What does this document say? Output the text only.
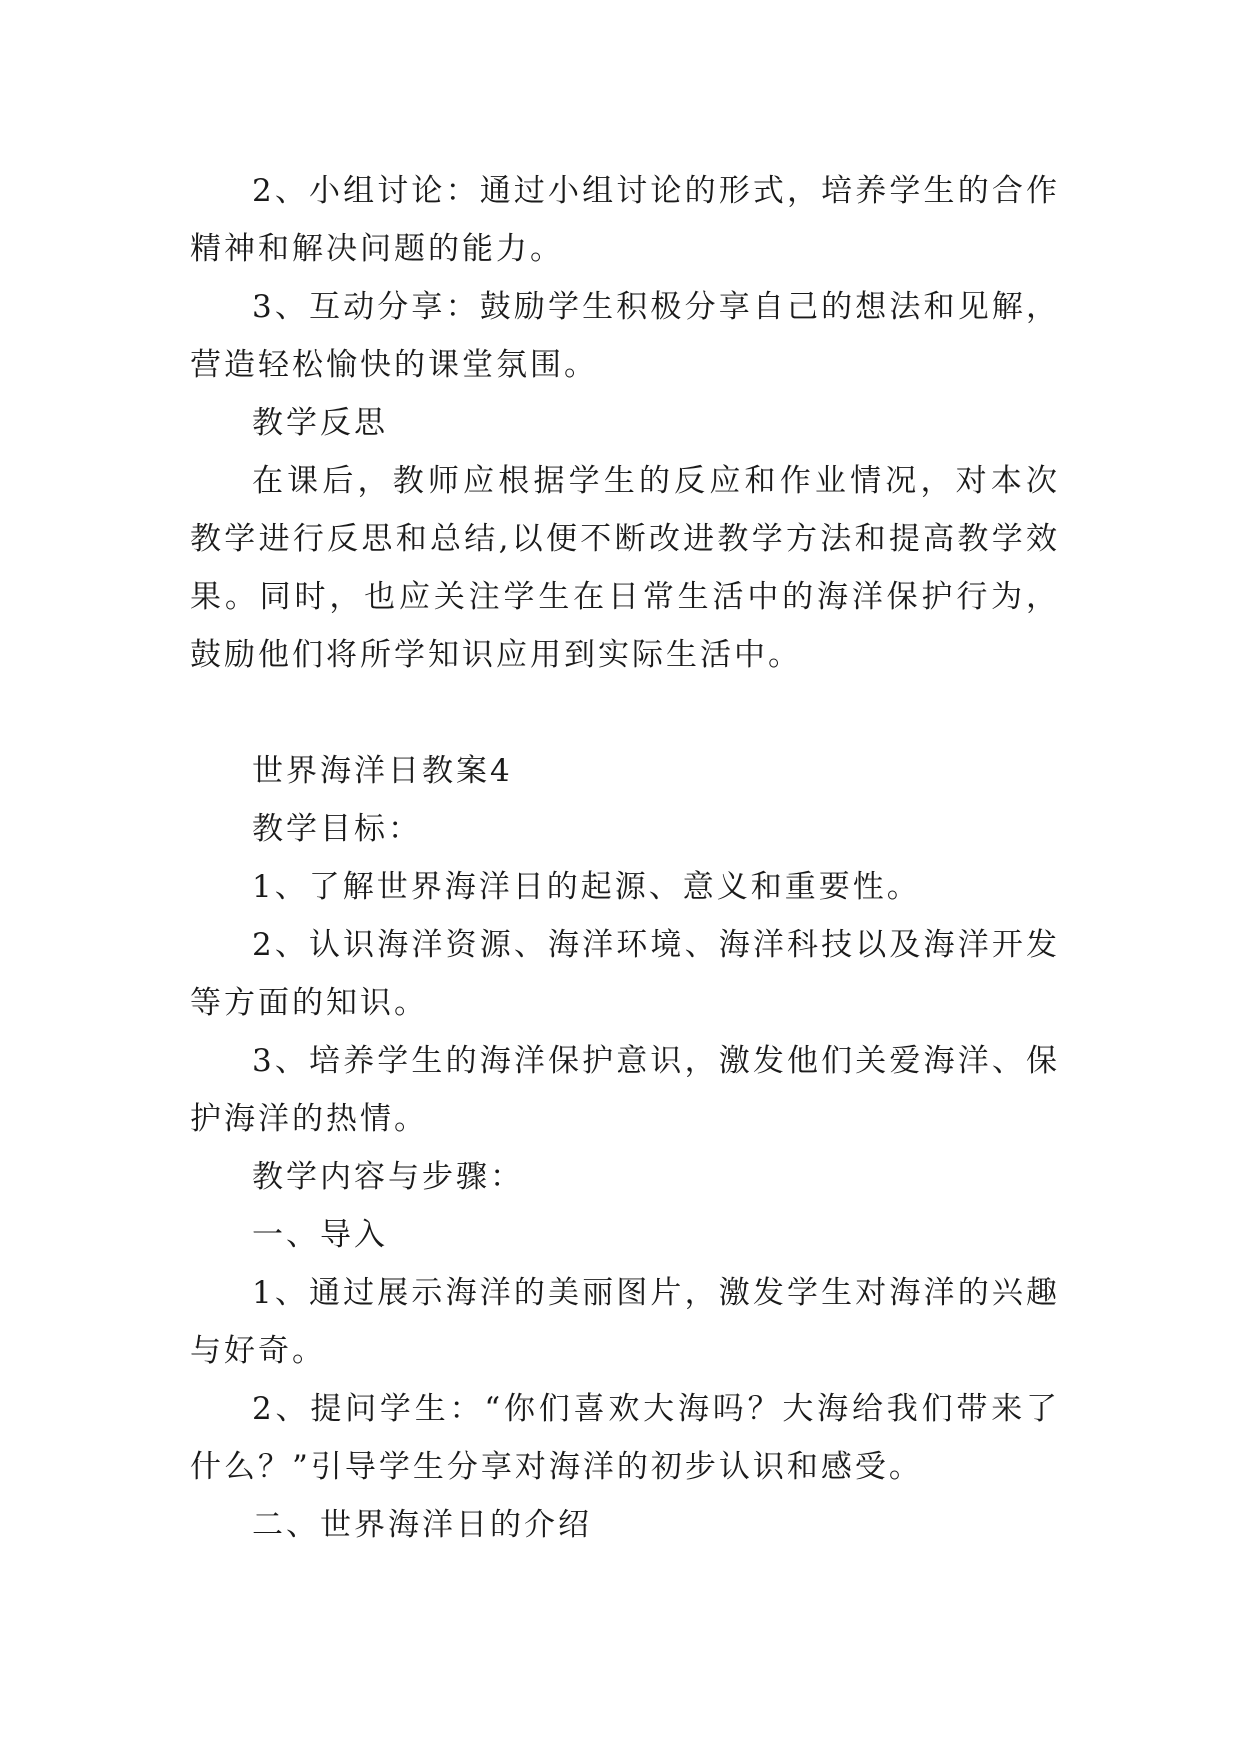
2、小组讨论：通过小组讨论的形式，培养学生的合作精神和解决问题的能力。

3、互动分享：鼓励学生积极分享自己的想法和见解，营造轻松愉快的课堂氛围。

教学反思

在课后，教师应根据学生的反应和作业情况，对本次教学进行反思和总结,以便不断改进教学方法和提高教学效果。同时，也应关注学生在日常生活中的海洋保护行为，鼓励他们将所学知识应用到实际生活中。

世界海洋日教案4

教学目标：

1、了解世界海洋日的起源、意义和重要性。

2、认识海洋资源、海洋环境、海洋科技以及海洋开发等方面的知识。

3、培养学生的海洋保护意识，激发他们关爱海洋、保护海洋的热情。

教学内容与步骤：

一、导入

1、通过展示海洋的美丽图片，激发学生对海洋的兴趣与好奇。

2、提问学生：“你们喜欢大海吗？大海给我们带来了什么？”引导学生分享对海洋的初步认识和感受。

二、世界海洋日的介绍
